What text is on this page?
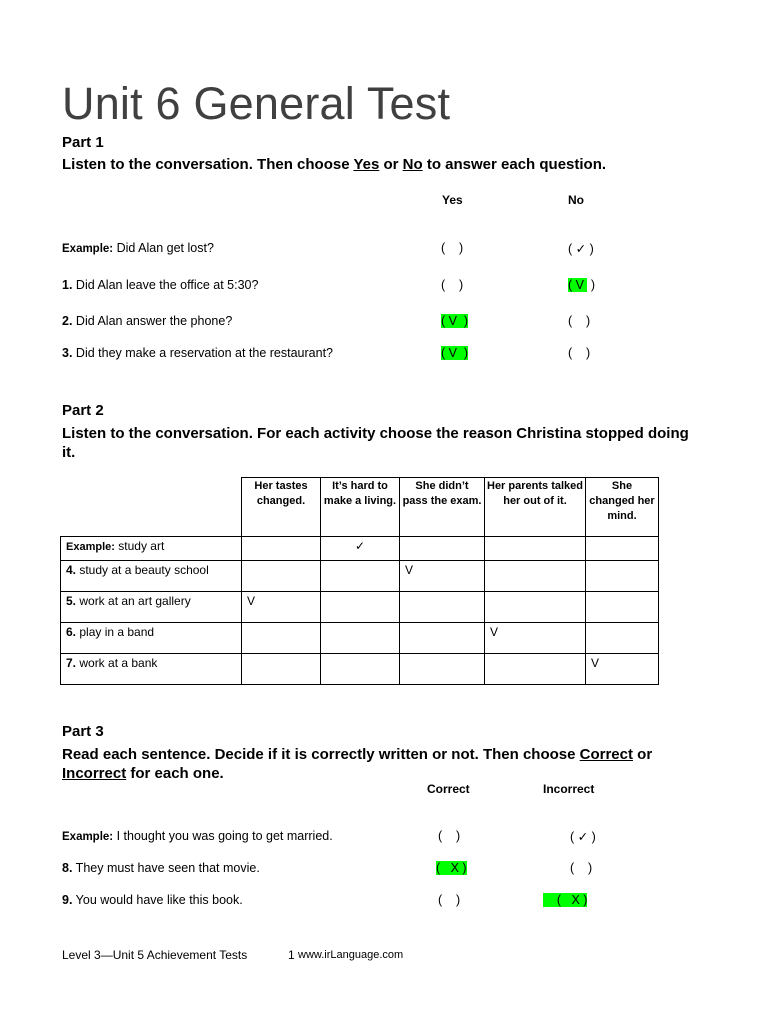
Unit 6 General Test
Part 1
Listen to the conversation. Then choose Yes or No to answer each question.
Yes	No
Example: Did Alan get lost?	(    )	( ✓ )
1. Did Alan leave the office at 5:30?	(    )	( V  )
2. Did Alan answer the phone?	( V  )	(    )
3. Did they make a reservation at the restaurant?	( V  )	(    )
Part 2
Listen to the conversation. For each activity choose the reason Christina stopped doing it.
	Her tastes changed.	It’s hard to make a living.	She didn’t pass the exam.	Her parents talked her out of it.	She changed her mind.
Example: study art		✓			
4. study at a beauty school			V		
5. work at an art gallery	V				
6. play in a band				V	
7. work at a bank					V
Part 3
Read each sentence. Decide if it is correctly written or not. Then choose Correct or
Incorrect for each one.
Correct	Incorrect
Example: I thought you was going to get married.	(    )	( ✓ )
8. They must have seen that movie.	(   X )	(    )
9. You would have like this book.	(    )	(   X )
Level 3—Unit 5 Achievement Tests	1 www.irLanguage.com
